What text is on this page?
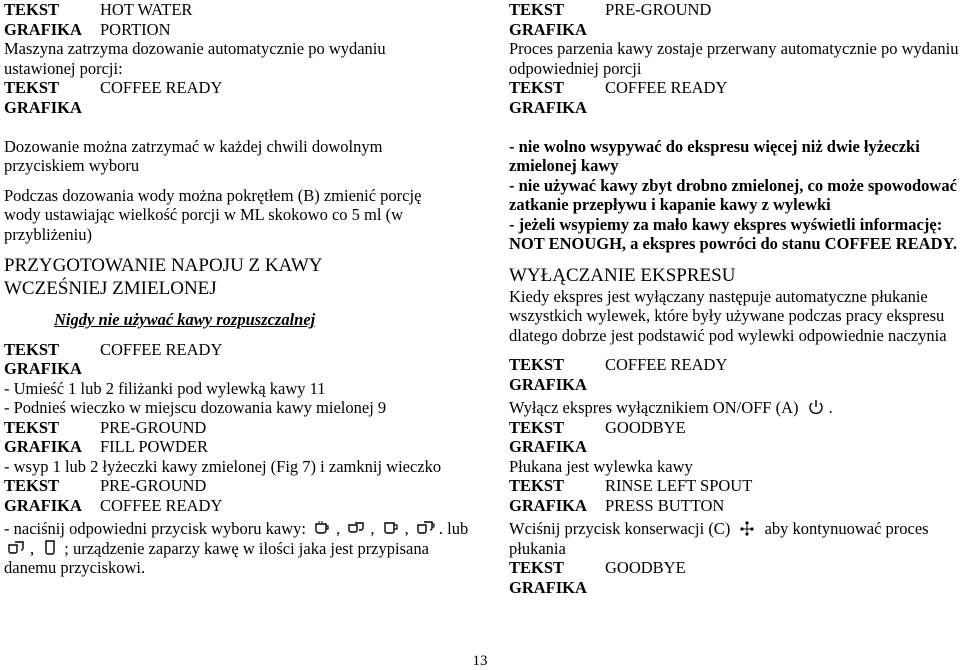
TEKST	HOT WATER
GRAFIKA	PORTION
Maszyna zatrzyma dozowanie automatycznie po wydaniu
ustawionej porcji:
TEKST	COFFEE READY
GRAFIKA
Dozowanie można zatrzymać w każdej chwili dowolnym
przyciskiem wyboru
Podczas dozowania wody można pokrętłem (B) zmienić porcję
wody ustawiając wielkość porcji w ML skokowo co 5 ml (w
przybliżeniu)
PRZYGOTOWANIE NAPOJU Z KAWY
WCZEŚNIEJ ZMIELONEJ
Nigdy nie używać kawy rozpuszczalnej
TEKST	COFFEE READY
GRAFIKA
- Umieść 1 lub 2 filiżanki pod wylewką kawy 11
- Podnieś wieczko w miejscu dozowania kawy mielonej 9
TEKST	PRE-GROUND
GRAFIKA	FILL POWDER
- wsyp 1 lub 2 łyżeczki kawy zmielonej (Fig 7) i zamknij wieczko
TEKST	PRE-GROUND
GRAFIKA	COFFEE READY
- naciśnij odpowiedni przycisk wyboru kawy: , , , . lub
, ; urządzenie zaparzy kawę w ilości jaka jest przypisana
danemu przyciskowi.
TEKST	PRE-GROUND
GRAFIKA
Proces parzenia kawy zostaje przerwany automatycznie po wydaniu
odpowiedniej porcji
TEKST	COFFEE READY
GRAFIKA
- nie wolno wsypywać do ekspresu więcej niż dwie łyżeczki
zmielonej kawy
- nie używać kawy zbyt drobno zmielonej, co może spowodować
zatkanie przepływu i kapanie kawy z wylewki
- jeżeli wsypiemy za mało kawy ekspres wyświetli informację:
NOT ENOUGH, a ekspres powróci do stanu COFFEE READY.
WYŁĄCZANIE EKSPRESU
Kiedy ekspres jest wyłączany następuje automatyczne płukanie
wszystkich wylewek, które były używane podczas pracy ekspresu
dlatego dobrze jest podstawić pod wylewki odpowiednie naczynia
TEKST	COFFEE READY
GRAFIKA
Wyłącz ekspres wyłącznikiem ON/OFF (A) .
TEKST	GOODBYE
GRAFIKA
Płukana jest wylewka kawy
TEKST	RINSE LEFT SPOUT
GRAFIKA	PRESS BUTTON
Wciśnij przycisk konserwacji (C) aby kontynuować proces
płukania
TEKST	GOODBYE
GRAFIKA
13
